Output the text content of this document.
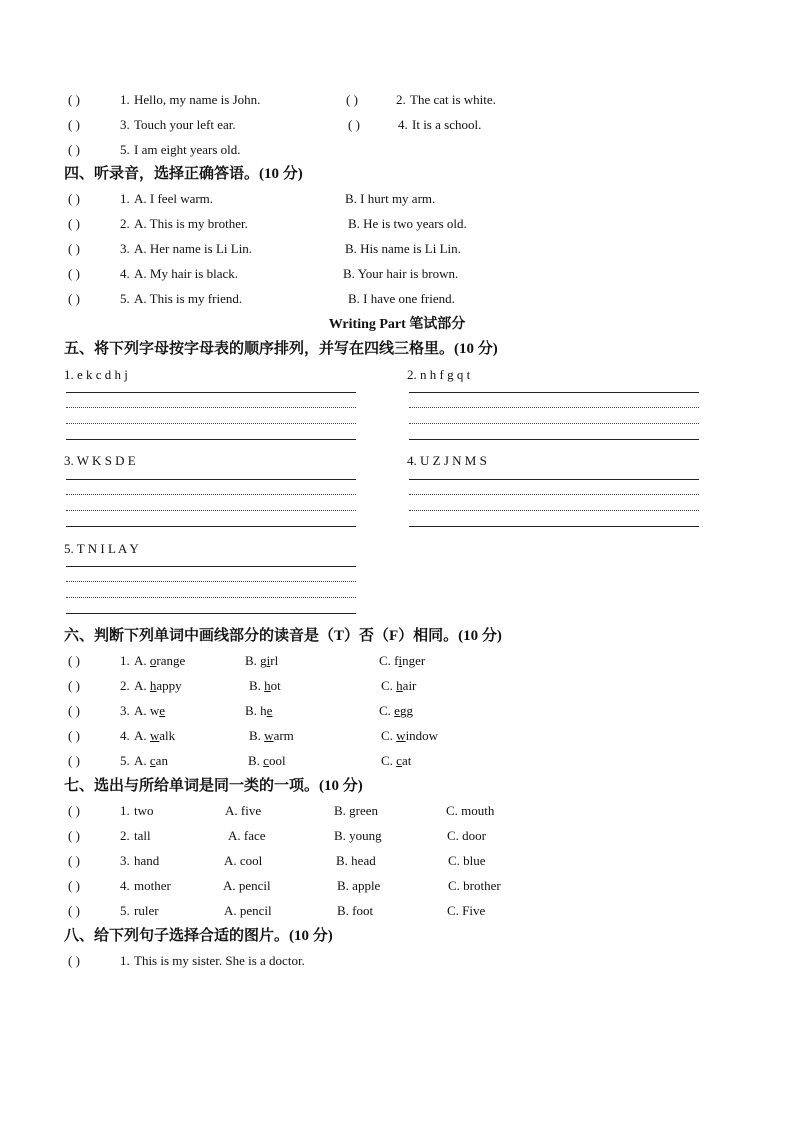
( )	1. Hello, my name is John.	( )	2. The cat is white.
( )	3. Touch your left ear.	( )	4. It is a school.
( )	5. I am eight years old.
四、听录音，选择正确答语。(10 分)
( )	1. A. I feel warm.	B. I hurt my arm.
( )	2. A. This is my brother.	B. He is two years old.
( )	3. A. Her name is Li Lin.	B. His name is Li Lin.
( )	4. A. My hair is black.	B. Your hair is brown.
( )	5. A. This is my friend.	B. I have one friend.
Writing Part 笔试部分
五、将下列字母按字母表的顺序排列，并写在四线三格里。(10 分)
1. e k c d h j	2. n h f g q t
3. W K S D E	4. U Z J N M S
5. T N I L A Y
六、判断下列单词中画线部分的读音是（T）否（F）相同。(10 分)
( )	1. A. orange	B. girl	C. finger
( )	2. A. happy	B. hot	C. hair
( )	3. A. we	B. he	C. egg
( )	4. A. walk	B. warm	C. window
( )	5. A. can	B. cool	C. cat
七、选出与所给单词是同一类的一项。(10 分)
( )	1. two	A. five	B. green	C. mouth
( )	2. tall	A. face	B. young	C. door
( )	3. hand	A. cool	B. head	C. blue
( )	4. mother	A. pencil	B. apple	C. brother
( )	5. ruler	A. pencil	B. foot	C. Five
八、给下列句子选择合适的图片。(10 分)
( )	1. This is my sister. She is a doctor.
